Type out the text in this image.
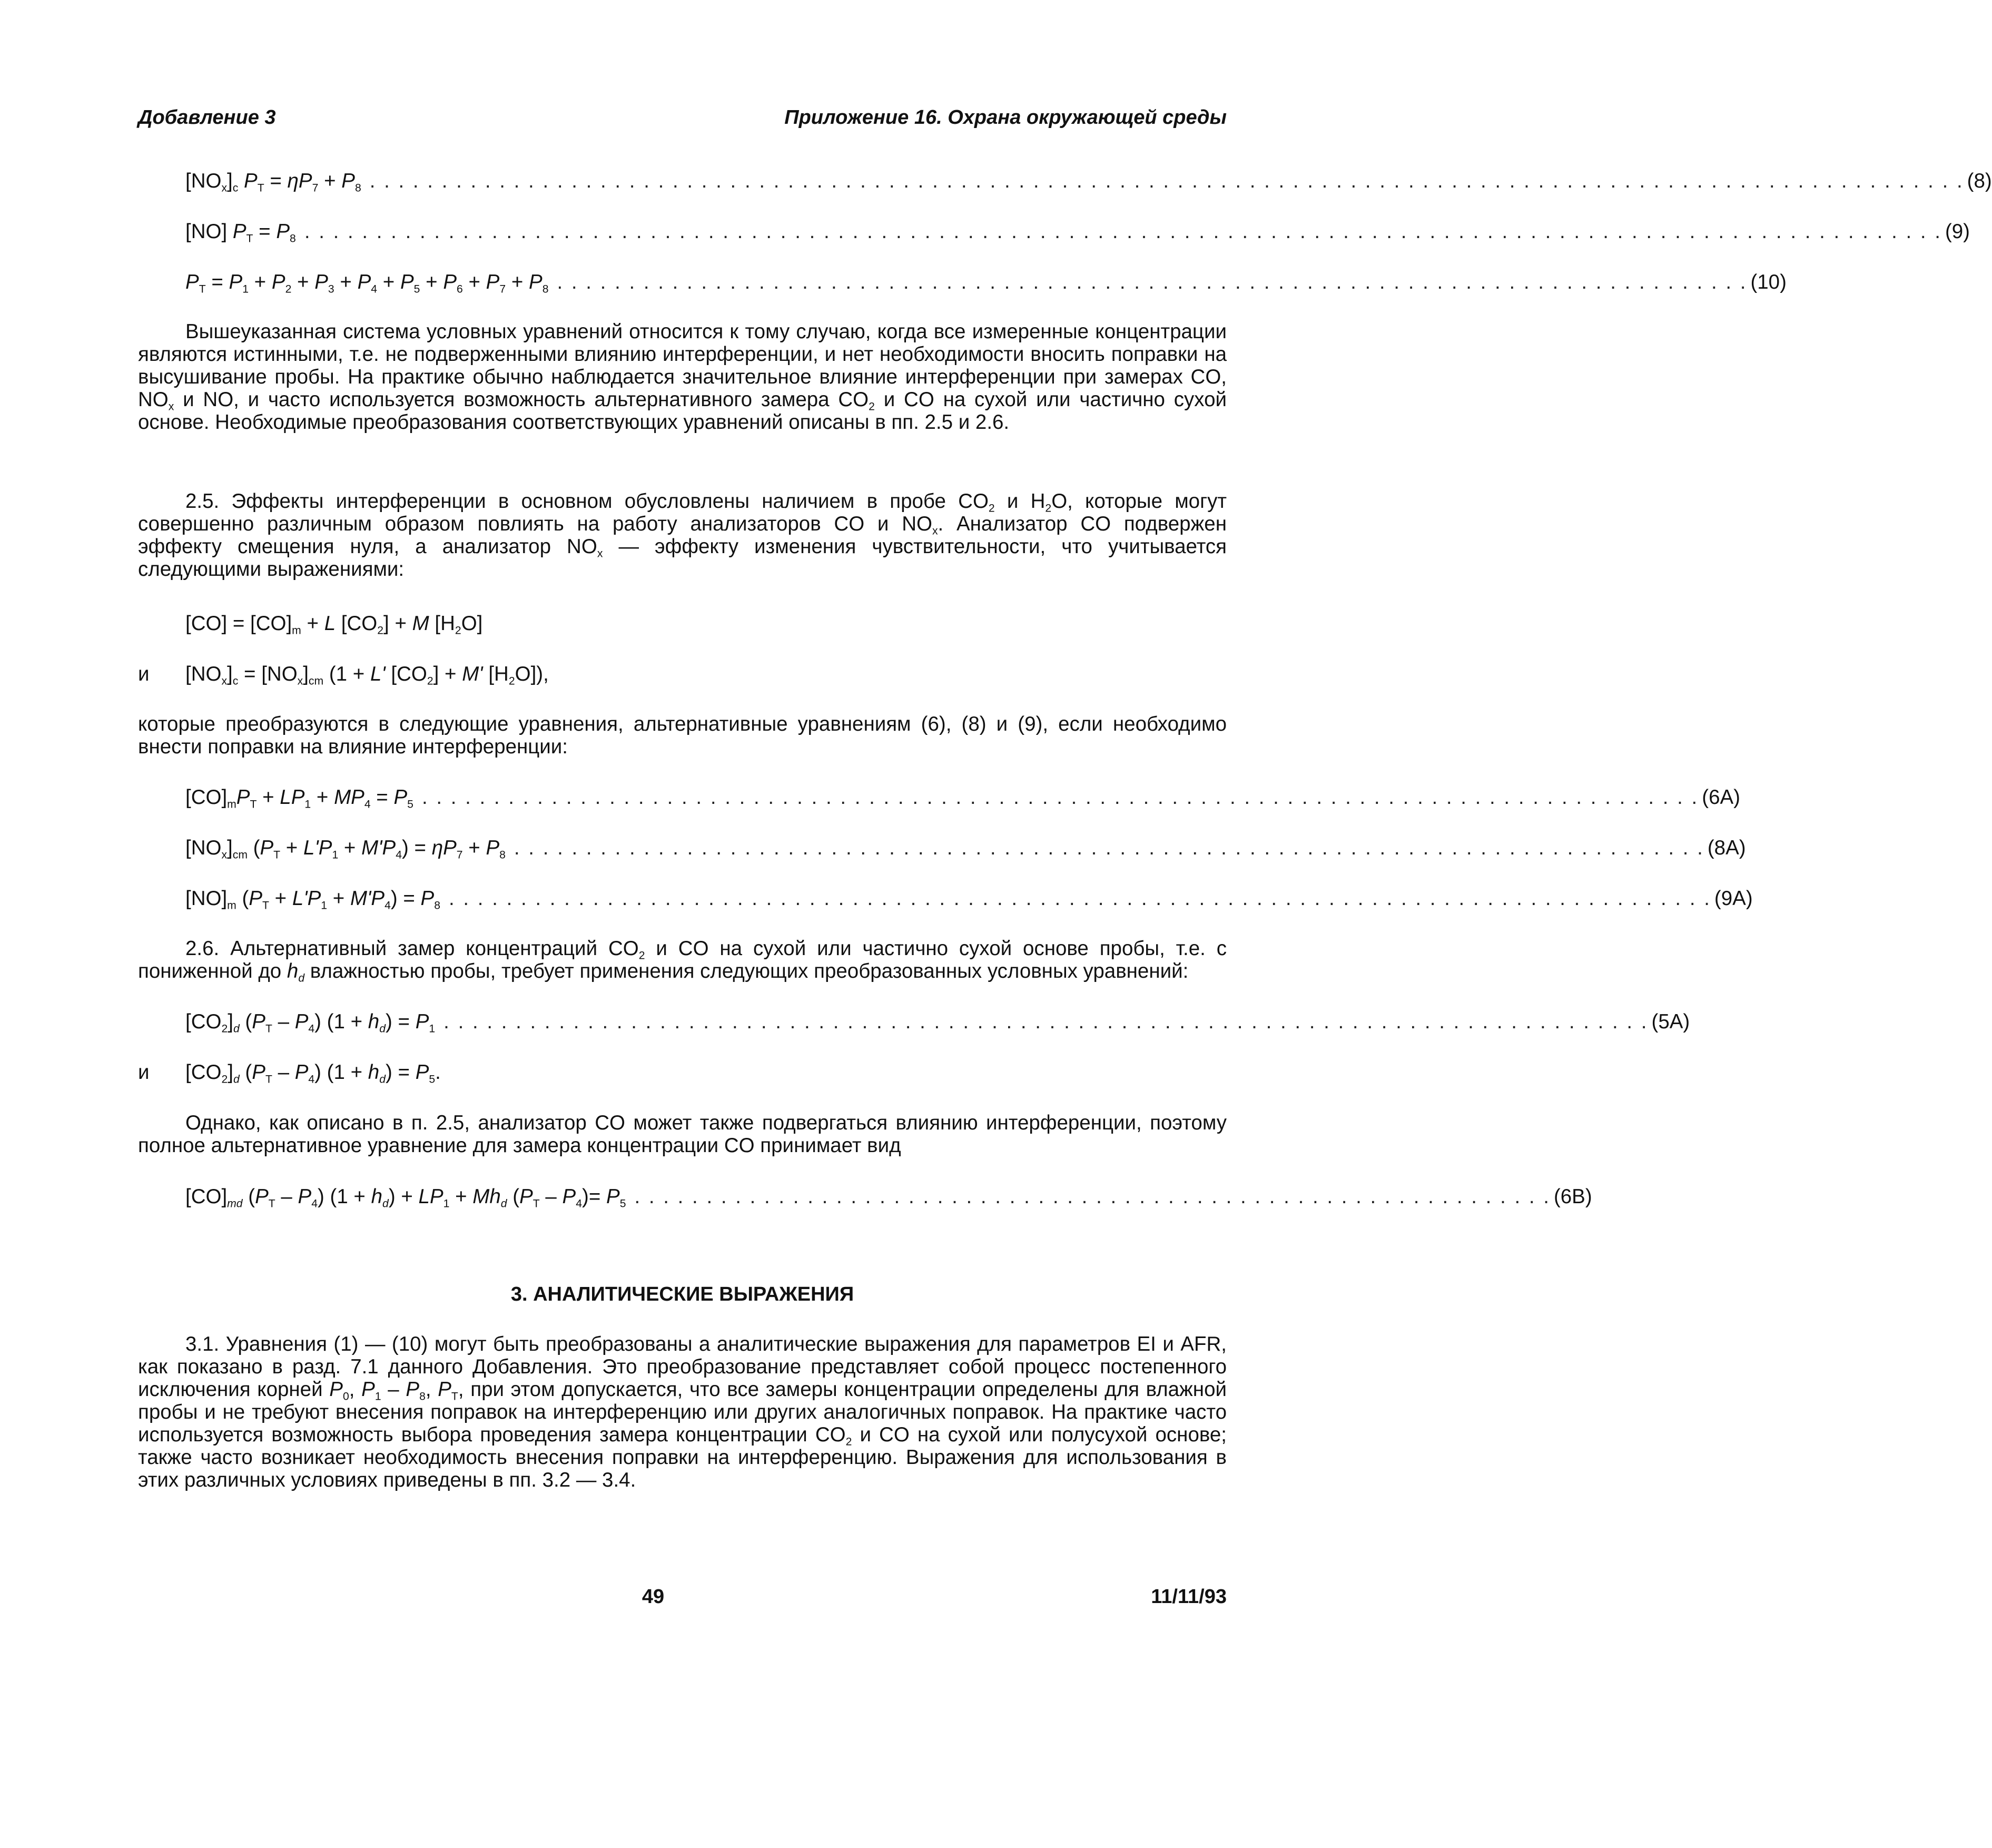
Добавление 3	Приложение 16. Охрана окружающей среды
$[NO_x]_c$ $P_T = \eta P_7 + P_8$ . . . . . . . . . . . . . . . . . . . . . . . . . . . . . . . . . . . . . . . . . . . . . . . . . . . . . . . . . . . . . . . . . . . . . . . . . . . . . . . . . . . . . . . . . . . . . . . . . . . . . . . . . . . . . . . (8)
[NO] $P_T = P_8$ . . . . . . . . . . . . . . . . . . . . . . . . . . . . . . . . . . . . . . . . . . . . . . . . . . . . . . . . . . . . . . . . . . . . . . . . . . . . . . . . . . . . . . . . . . . . . . . . . . . . . . . . . . . . . . . . . . (9)
$P_T = P_1 + P_2 + P_3 + P_4 + P_5 + P_6 + P_7 + P_8$ . . . . . . . . . . . . . . . . . . . . . . . . . . . . . . . . . . . . . . . . . . . . . . . . . . . . . . . . . . . . . . . . . . . . . . . . . . . . . . . . . . . (10)

Вышеуказанная система условных уравнений относится к тому случаю, когда все измеренные концентрации являются истинными, т.е. не подверженными влиянию интерференции, и нет необходимости вносить поправки на высушивание пробы. На практике обычно наблюдается значительное влияние интерференции при замерах CO, $NO_x$ и NO, и часто используется возможность альтернативного замера $CO_2$ и CO на сухой или частично сухой основе. Необходимые преобразования соответствующих уравнений описаны в пп. 2.5 и 2.6.

2.5. Эффекты интерференции в основном обусловлены наличием в пробе $CO_2$ и $H_2O$, которые могут совершенно различным образом повлиять на работу анализаторов CO и $NO_x$. Анализатор CO подвержен эффекту смещения нуля, а анализатор $NO_x$ — эффекту изменения чувствительности, что учитывается следующими выражениями:

$[CO] = [CO]_m + L$ $[CO_2] + M$ $[H_2O]$
и $[NO_x]_c = [NO_x]_{cm}$ (1 + L' $[CO_2] + M'$ $[H_2O]$),

которые преобразуются в следующие уравнения, альтернативные уравнениям (6), (8) и (9), если необходимо внести поправки на влияние интерференции:

$[CO]_mP_T + LP_1 + MP_4 = P_5$ . . . . . . . . . . . . . . . . . . . . . . . . . . . . . . . . . . . . . . . . . . . . . . . . . . . . . . . . . . . . . . . . . . . . . . . . . . . . . . . . . . . . . . . . . (6A)
$[NO_x]_{cm}$ $(P_T + L'P_1 + M'P_4) = \eta P_7 + P_8$ . . . . . . . . . . . . . . . . . . . . . . . . . . . . . . . . . . . . . . . . . . . . . . . . . . . . . . . . . . . . . . . . . . . . . . . . . . . . . . . . . . . (8A)
$[NO]_m$ $(P_T + L'P_1 + M'P_4) = P_8$ . . . . . . . . . . . . . . . . . . . . . . . . . . . . . . . . . . . . . . . . . . . . . . . . . . . . . . . . . . . . . . . . . . . . . . . . . . . . . . . . . . . . . . . . (9A)

2.6. Альтернативный замер концентраций $CO_2$ и CO на сухой или частично сухой основе пробы, т.е. с пониженной до $h_d$ влажностью пробы, требует применения следующих преобразованных условных уравнений:

$[CO_2]_d$ $(P_T - P_4) (1 + h_d) = P_1$ . . . . . . . . . . . . . . . . . . . . . . . . . . . . . . . . . . . . . . . . . . . . . . . . . . . . . . . . . . . . . . . . . . . . . . . . . . . . . . . . . . . . (5A)
и $[CO_2]_d$ $(P_T - P_4) (1 + h_d) = P_5$.

Однако, как описано в п. 2.5, анализатор CO может также подвергаться влиянию интерференции, поэтому полное альтернативное уравнение для замера концентрации CO принимает вид

$[CO]_{md}$ $(P_T - P_4) (1 + h_d) + LP_1 + Mh_d$ $(P_T - P_4)= P_5$ . . . . . . . . . . . . . . . . . . . . . . . . . . . . . . . . . . . . . . . . . . . . . . . . . . . . . . . . . . . . . . . . (6B)
3. АНАЛИТИЧЕСКИЕ ВЫРАЖЕНИЯ

3.1. Уравнения (1) — (10) могут быть преобразованы а аналитические выражения для параметров EI и AFR, как показано в разд. 7.1 данного Добавления. Это преобразование представляет собой процесс постепенного исключения корней $P_0$, $P_1 - P_8$, $P_T$, при этом допускается, что все замеры концентрации определены для влажной пробы и не требуют внесения поправок на интерференцию или других аналогичных поправок. На практике часто используется возможность выбора проведения замера концентрации $CO_2$ и CO на сухой или полусухой основе; также часто возникает необходимость внесения поправки на интерференцию. Выражения для использования в этих различных условиях приведены в пп. 3.2 — 3.4.

49	11/11/93
